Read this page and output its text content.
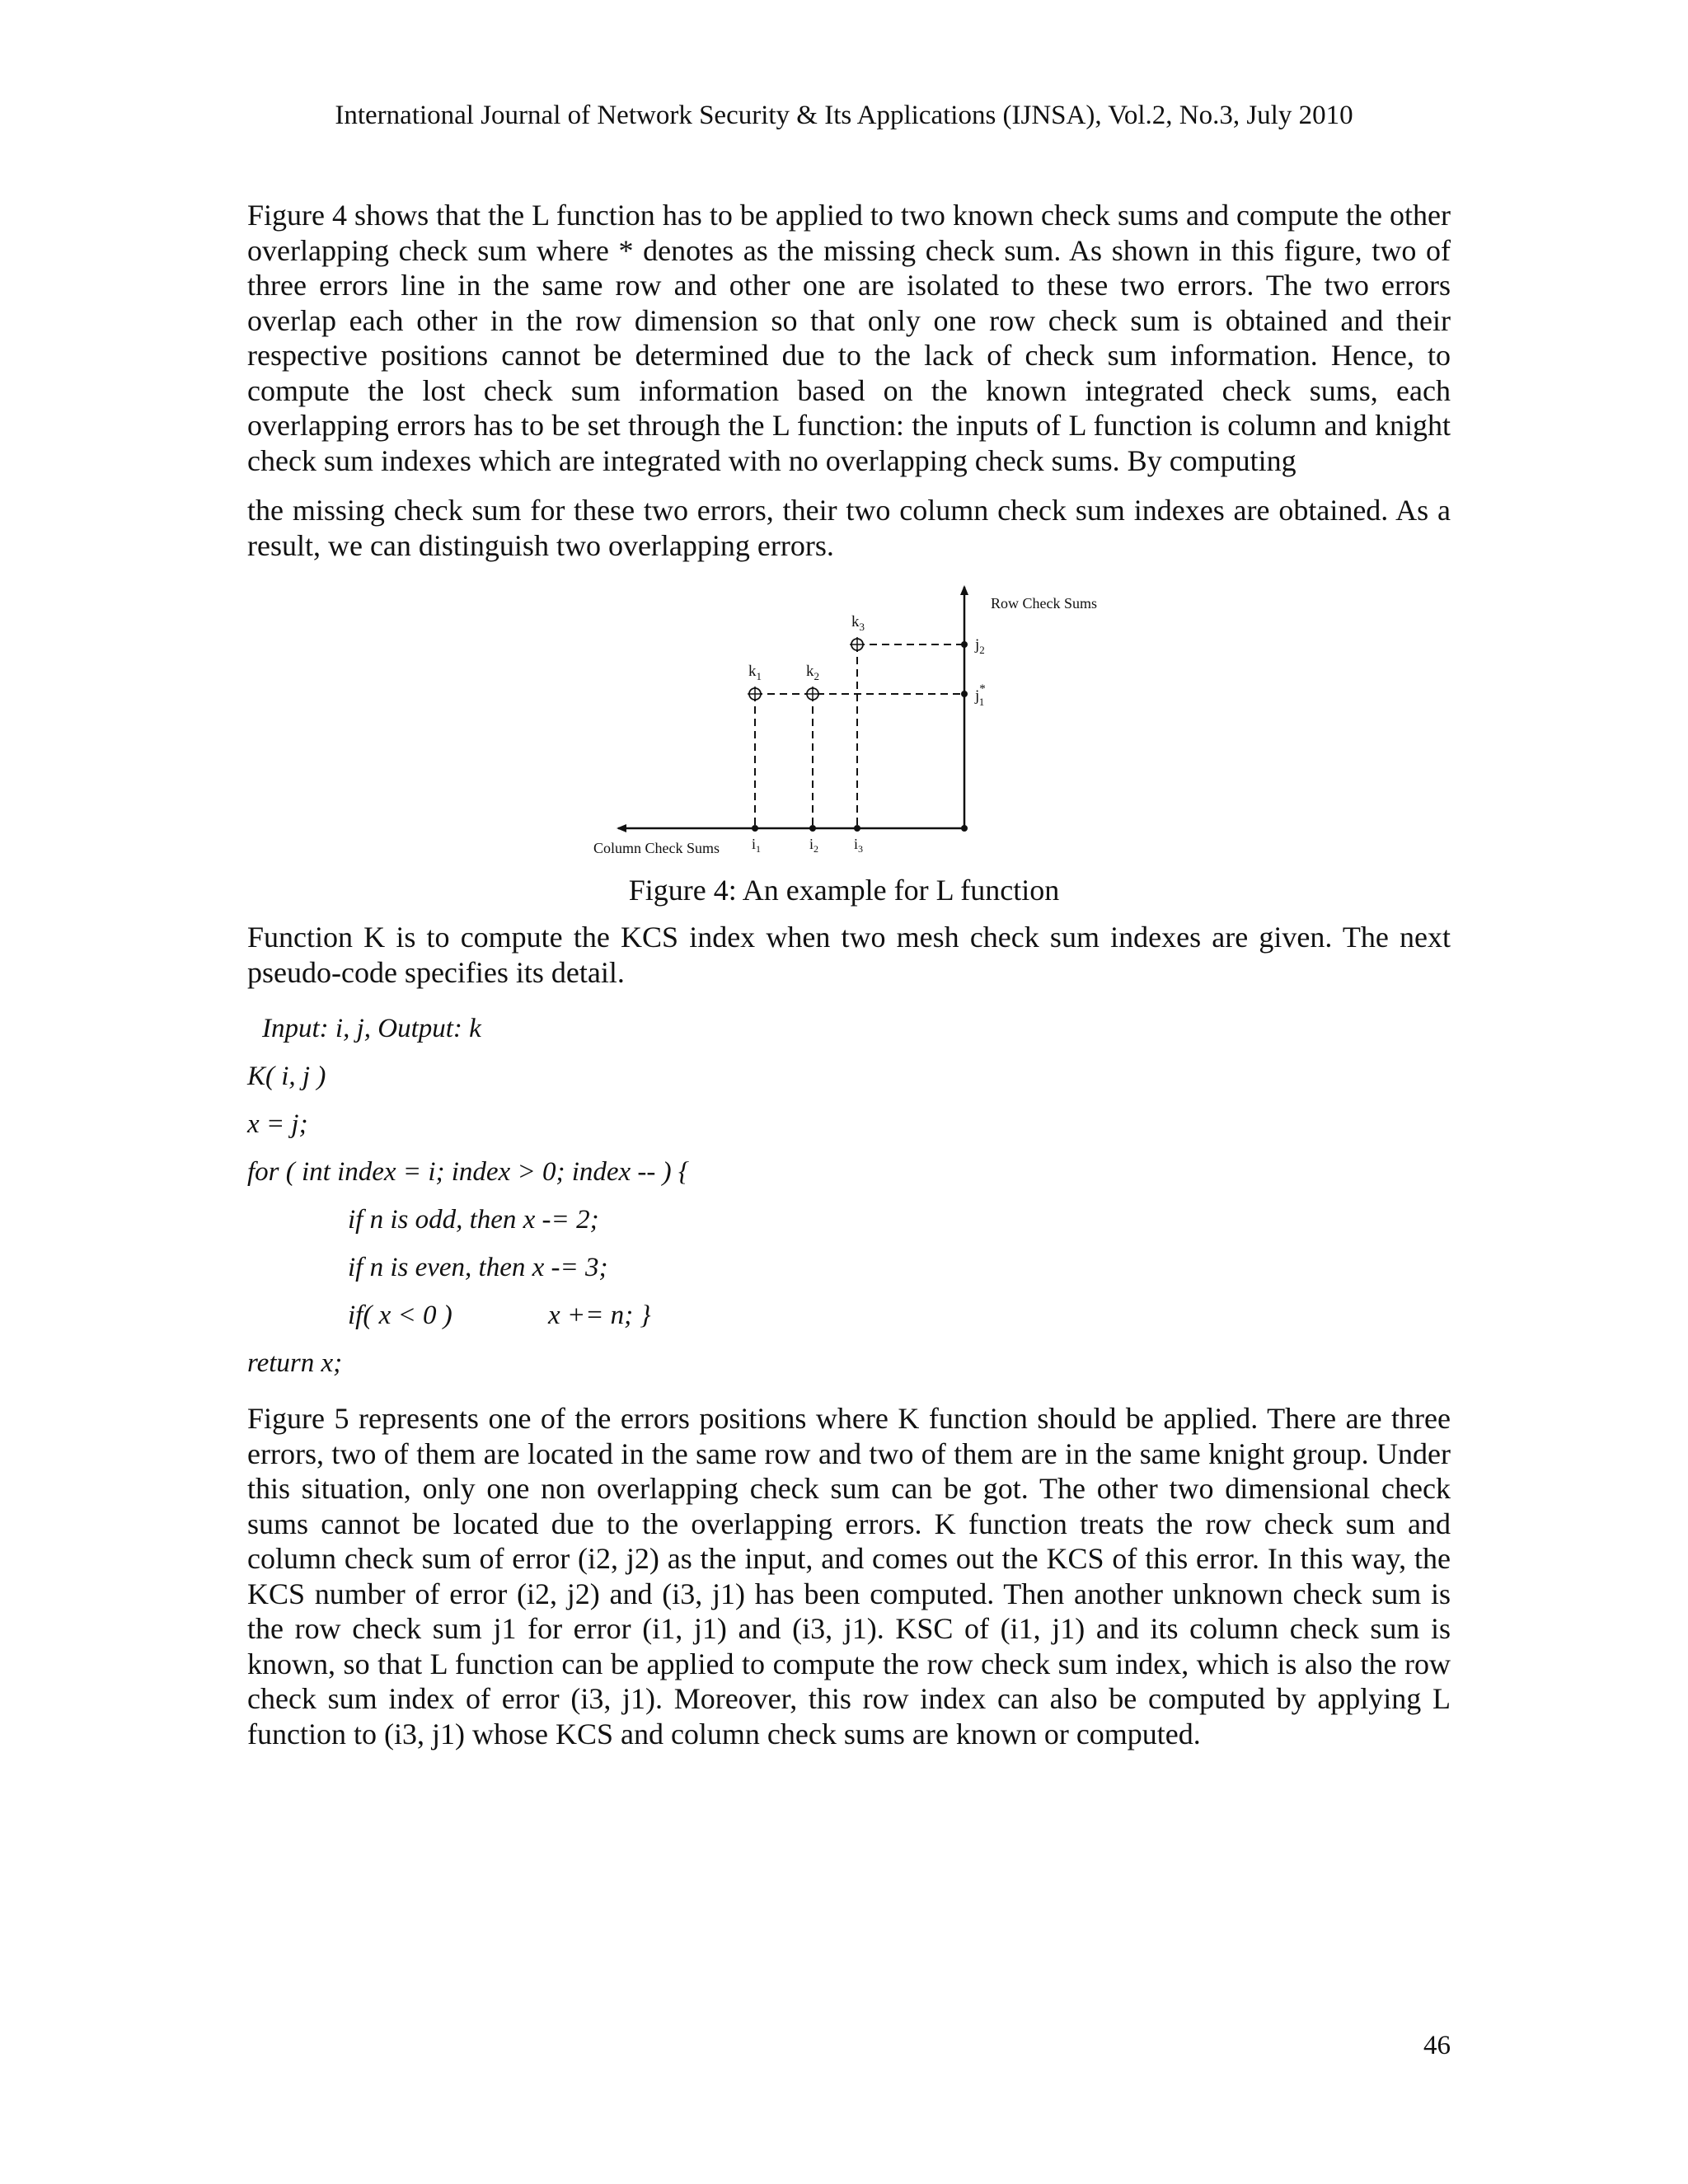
International Journal of Network Security & Its Applications (IJNSA), Vol.2, No.3, July 2010

Figure 4 shows that the L function has to be applied to two known check sums and compute the other overlapping check sum where * denotes as the missing check sum. As shown in this figure, two of three errors line in the same row and other one are isolated to these two errors. The two errors overlap each other in the row dimension so that only one row check sum is obtained and their respective positions cannot be determined due to the lack of check sum information. Hence, to compute the lost check sum information based on the known integrated check sums, each overlapping errors has to be set through the L function: the inputs of L function is column and knight check sum indexes which are integrated with no overlapping check sums. By computing

the missing check sum for these two errors, their two column check sum indexes are obtained. As a result, we can distinguish two overlapping errors.

Row Check Sums
Column Check Sums
$k_3$
$k_1$	$k_2$
$j_2$
j* 1
$i_1$	$i_2$ $i_3$
Figure 4: An example for L function

Function K is to compute the KCS index when two mesh check sum indexes are given. The next pseudo-code specifies its detail.

Input: i, j, Output: k
K( i, j )
x = j;
for ( int index = i; index > 0; index -- ) {
if n is odd, then x -= 2;
if n is even, then x -= 3;
if( x < 0 )	x += n; }
return x;

Figure 5 represents one of the errors positions where K function should be applied. There are three errors, two of them are located in the same row and two of them are in the same knight group. Under this situation, only one non overlapping check sum can be got. The other two dimensional check sums cannot be located due to the overlapping errors. K function treats the row check sum and column check sum of error (i2, j2) as the input, and comes out the KCS of this error. In this way, the KCS number of error (i2, j2) and (i3, j1) has been computed. Then another unknown check sum is the row check sum j1 for error (i1, j1) and (i3, j1). KSC of (i1, j1) and its column check sum is known, so that L function can be applied to compute the row check sum index, which is also the row check sum index of error (i3, j1). Moreover, this row index can also be computed by applying L function to (i3, j1) whose KCS and column check sums are known or computed.

46
